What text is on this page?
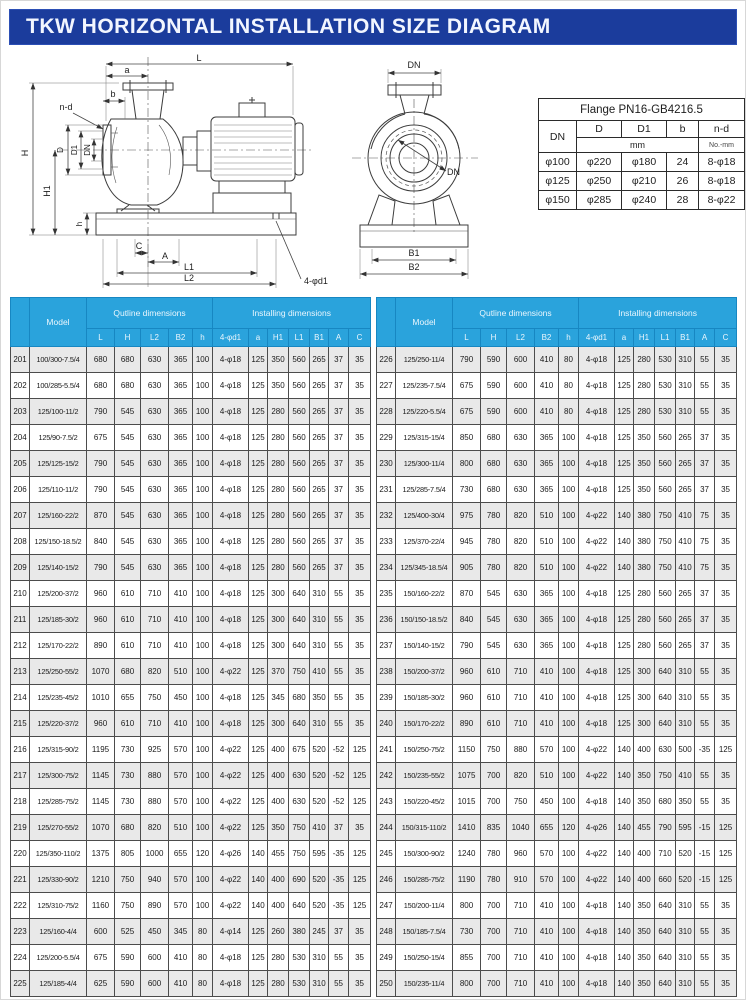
TKW HORIZONTAL INSTALLATION SIZE DIAGRAM
L
a
b
n-d
D D1 DN
H
H1
h
C
A
L1
L2	4-φd1
DN
DN
B1
B2
Flange PN16-GB4216.5				
DN	D	D1	b	n-d
	mm			No.-mm
φ100	φ220	φ180	24	8-φ18
φ125	φ250	φ210	26	8-φ18
φ150	φ285	φ240	28	8-φ22
	Model	Qutline dimensions					Installing dimensions						
		L	H	L2	B2	h	4-φd1	a	H1	L1	B1	A	C
201	100/300-7.5/4	680	680	630	365	100	4-φ18	125	350	560	265	37	35
202	100/285-5.5/4	680	680	630	365	100	4-φ18	125	350	560	265	37	35
203	125/100-11/2	790	545	630	365	100	4-φ18	125	280	560	265	37	35
204	125/90-7.5/2	675	545	630	365	100	4-φ18	125	280	560	265	37	35
205	125/125-15/2	790	545	630	365	100	4-φ18	125	280	560	265	37	35
206	125/110-11/2	790	545	630	365	100	4-φ18	125	280	560	265	37	35
207	125/160-22/2	870	545	630	365	100	4-φ18	125	280	560	265	37	35
208	125/150-18.5/2	840	545	630	365	100	4-φ18	125	280	560	265	37	35
209	125/140-15/2	790	545	630	365	100	4-φ18	125	280	560	265	37	35
210	125/200-37/2	960	610	710	410	100	4-φ18	125	300	640	310	55	35
211	125/185-30/2	960	610	710	410	100	4-φ18	125	300	640	310	55	35
212	125/170-22/2	890	610	710	410	100	4-φ18	125	300	640	310	55	35
213	125/250-55/2	1070	680	820	510	100	4-φ22	125	370	750	410	55	35
214	125/235-45/2	1010	655	750	450	100	4-φ18	125	345	680	350	55	35
215	125/220-37/2	960	610	710	410	100	4-φ18	125	300	640	310	55	35
216	125/315-90/2	1195	730	925	570	100	4-φ22	125	400	675	520	-52	125
217	125/300-75/2	1145	730	880	570	100	4-φ22	125	400	630	520	-52	125
218	125/285-75/2	1145	730	880	570	100	4-φ22	125	400	630	520	-52	125
219	125/270-55/2	1070	680	820	510	100	4-φ22	125	350	750	410	37	35
220	125/350-110/2	1375	805	1000	655	120	4-φ26	140	455	750	595	-35	125
221	125/330-90/2	1210	750	940	570	100	4-φ22	140	400	690	520	-35	125
222	125/310-75/2	1160	750	890	570	100	4-φ22	140	400	640	520	-35	125
223	125/160-4/4	600	525	450	345	80	4-φ14	125	260	380	245	37	35
224	125/200-5.5/4	675	590	600	410	80	4-φ18	125	280	530	310	55	35
225	125/185-4/4	625	590	600	410	80	4-φ18	125	280	530	310	55	35
	Model	Qutline dimensions					Installing dimensions						
		L	H	L2	B2	h	4-φd1	a	H1	L1	B1	A	C
226	125/250-11/4	790	590	600	410	80	4-φ18	125	280	530	310	55	35
227	125/235-7.5/4	675	590	600	410	80	4-φ18	125	280	530	310	55	35
228	125/220-5.5/4	675	590	600	410	80	4-φ18	125	280	530	310	55	35
229	125/315-15/4	850	680	630	365	100	4-φ18	125	350	560	265	37	35
230	125/300-11/4	800	680	630	365	100	4-φ18	125	350	560	265	37	35
231	125/285-7.5/4	730	680	630	365	100	4-φ18	125	350	560	265	37	35
232	125/400-30/4	975	780	820	510	100	4-φ22	140	380	750	410	75	35
233	125/370-22/4	945	780	820	510	100	4-φ22	140	380	750	410	75	35
234	125/345-18.5/4	905	780	820	510	100	4-φ22	140	380	750	410	75	35
235	150/160-22/2	870	545	630	365	100	4-φ18	125	280	560	265	37	35
236	150/150-18.5/2	840	545	630	365	100	4-φ18	125	280	560	265	37	35
237	150/140-15/2	790	545	630	365	100	4-φ18	125	280	560	265	37	35
238	150/200-37/2	960	610	710	410	100	4-φ18	125	300	640	310	55	35
239	150/185-30/2	960	610	710	410	100	4-φ18	125	300	640	310	55	35
240	150/170-22/2	890	610	710	410	100	4-φ18	125	300	640	310	55	35
241	150/250-75/2	1150	750	880	570	100	4-φ22	140	400	630	500	-35	125
242	150/235-55/2	1075	700	820	510	100	4-φ22	140	350	750	410	55	35
243	150/220-45/2	1015	700	750	450	100	4-φ18	140	350	680	350	55	35
244	150/315-110/2	1410	835	1040	655	120	4-φ26	140	455	790	595	-15	125
245	150/300-90/2	1240	780	960	570	100	4-φ22	140	400	710	520	-15	125
246	150/285-75/2	1190	780	910	570	100	4-φ22	140	400	660	520	-15	125
247	150/200-11/4	800	700	710	410	100	4-φ18	140	350	640	310	55	35
248	150/185-7.5/4	730	700	710	410	100	4-φ18	140	350	640	310	55	35
249	150/250-15/4	855	700	710	410	100	4-φ18	140	350	640	310	55	35
250	150/235-11/4	800	700	710	410	100	4-φ18	140	350	640	310	55	35
